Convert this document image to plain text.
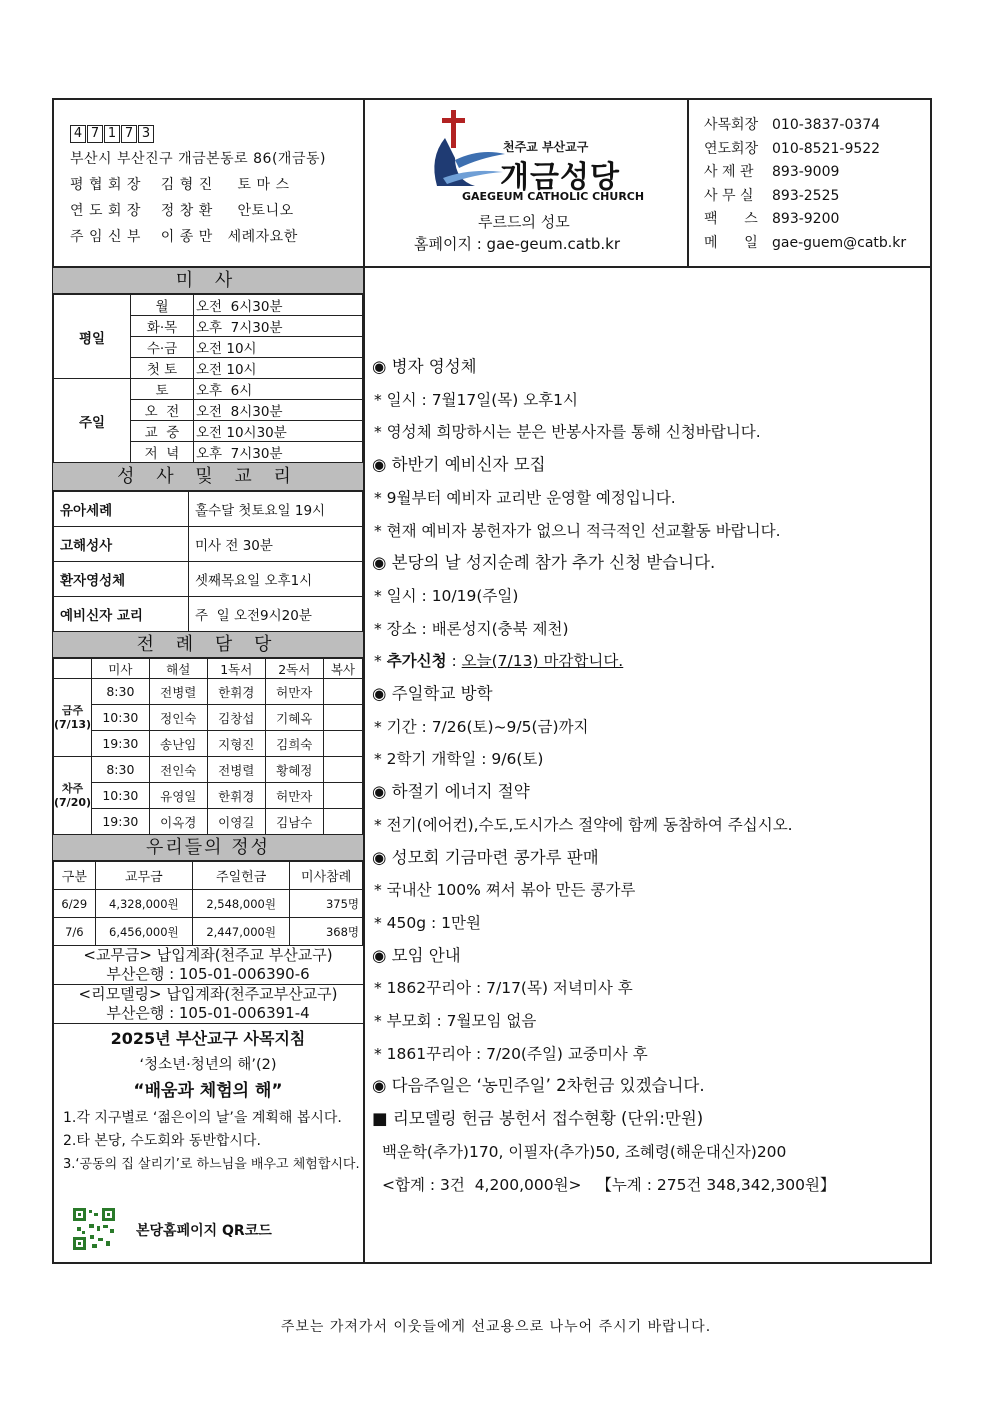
4 7 1 7 3
부산시 부산진구 개금본동로 86(개금동)
평 협 회 장 김 형 진 토 마 스
연 도 회 장 정 창 환 안토니오
주 임 신 부 이 종 만 세례자요한
천주교 부산교구
개금성당
GAEGEUM CATHOLIC CHURCH
루르드의 성모
홈페이지 : gae-geum.catb.kr
사목회장 010-3837-0374
연도회장 010-8521-9522
사 제 관 893-9009
사 무 실 893-2525
팩      스 893-9200
메      일 gae-guem@catb.kr
미 사
평일	월	오전  6시30분
	화·목	오후  7시30분
	수·금	오전 10시
	첫 토	오전 10시
주일	토	오후  6시
	오  전	오전  8시30분
	교  중	오전 10시30분
	저  녁	오후  7시30분
성 사 및 교 리
유아세례	홀수달 첫토요일 19시
고해성사	미사 전 30분
환자영성체	셋째목요일 오후1시
예비신자 교리	주  일 오전9시20분
전 례 담 당
	미사	해설	1독서	2독서	복사
금주(7/13)	8:30	전병렬	한휘경	허만자	
	10:30	정인숙	김창섭	기혜옥	
	19:30	송난임	지형진	김희숙	
차주(7/20)	8:30	전인숙	전병렬	황혜정	
	10:30	유영일	한휘경	허만자	
	19:30	이옥경	이영길	김남수	
우리들의 정성
구분	교무금	주일헌금	미사참례
6/29	4,328,000원	2,548,000원	375명
7/6	6,456,000원	2,447,000원	368명
<교무금> 납입계좌(천주교 부산교구)
부산은행 : 105-01-006390-6
<리모델링> 납입계좌(천주교부산교구)
부산은행 : 105-01-006391-4
2025년 부산교구 사목지침
‘청소년·청년의 해’(2)
“배움과 체험의 해”
1.각 지구별로 ‘젊은이의 날’을 계획해 봅시다.
2.타 본당, 수도회와 동반합시다.
3.‘공동의 집 살리기’로 하느님을 배우고 체험합시다.
본당홈페이지 QR코드
◉ 병자 영성체
* 일시 : 7월17일(목) 오후1시
* 영성체 희망하시는 분은 반봉사자를 통해 신청바랍니다.
◉ 하반기 예비신자 모집
* 9월부터 예비자 교리반 운영할 예정입니다.
* 현재 예비자 봉헌자가 없으니 적극적인 선교활동 바랍니다.
◉ 본당의 날 성지순례 참가 추가 신청 받습니다.
* 일시 : 10/19(주일)
* 장소 : 배론성지(충북 제천)
* 추가신청 : 오늘(7/13) 마감합니다.
◉ 주일학교 방학
* 기간 : 7/26(토)~9/5(금)까지
* 2학기 개학일 : 9/6(토)
◉ 하절기 에너지 절약
* 전기(에어컨),수도,도시가스 절약에 함께 동참하여 주십시오.
◉ 성모회 기금마련 콩가루 판매
* 국내산 100% 쪄서 볶아 만든 콩가루
* 450g : 1만원
◉ 모임 안내
* 1862꾸리아 : 7/17(목) 저녁미사 후
* 부모회 : 7월모임 없음
* 1861꾸리아 : 7/20(주일) 교중미사 후
◉ 다음주일은 ‘농민주일’ 2차헌금 있겠습니다.
■ 리모델링 헌금 봉헌서 접수현황 (단위:만원)
백운학(추가)170, 이필자(추가)50, 조혜령(해운대신자)200
<합계 : 3건  4,200,000원>   【누계 : 275건 348,342,300원】
주보는 가져가서 이웃들에게 선교용으로 나누어 주시기 바랍니다.
